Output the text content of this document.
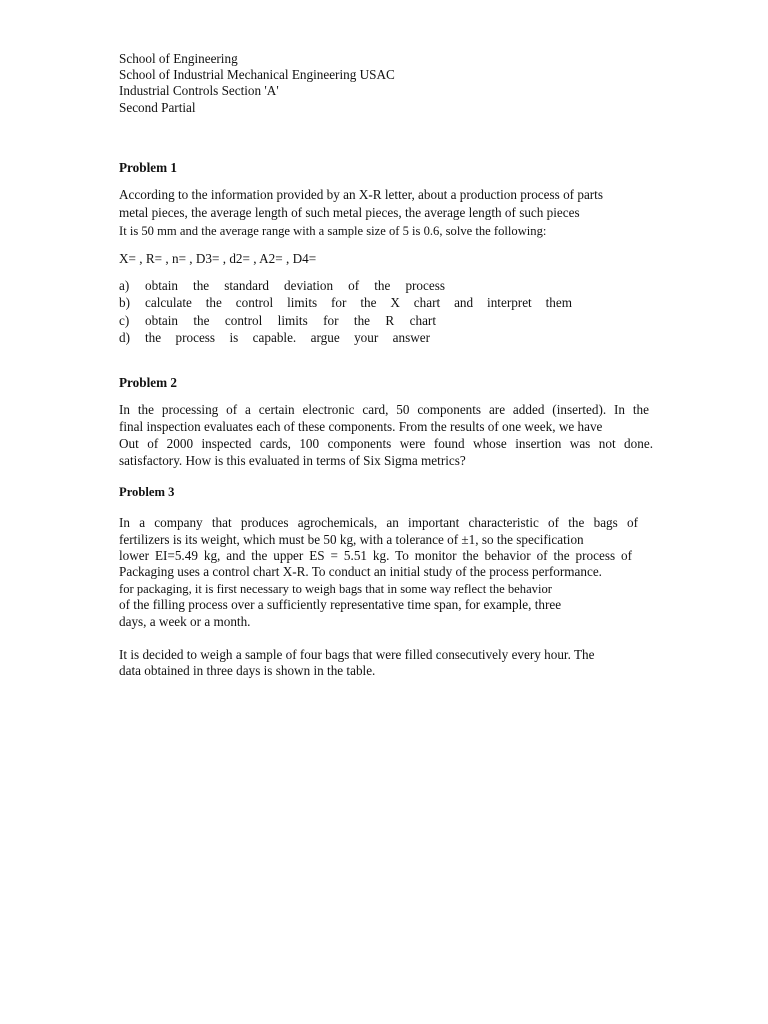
School of Engineering
School of Industrial Mechanical Engineering USAC
Industrial Controls Section 'A'
Second Partial
Problem 1
According to the information provided by an X-R letter, about a production process of parts
metal pieces, the average length of such metal pieces, the average length of such pieces
It is 50 mm and the average range with a sample size of 5 is 0.6, solve the following:
X= , R= , n= , D3= , d2= , A2= , D4=
a) obtain the standard deviation of the process
b) calculate the control limits for the X chart and interpret them
c) obtain the control limits for the R chart
d) the process is capable. argue your answer
Problem 2
In the processing of a certain electronic card, 50 components are added (inserted). In the
final inspection evaluates each of these components. From the results of one week, we have
Out of 2000 inspected cards, 100 components were found whose insertion was not done.
satisfactory. How is this evaluated in terms of Six Sigma metrics?
Problem 3
In a company that produces agrochemicals, an important characteristic of the bags of
fertilizers is its weight, which must be 50 kg, with a tolerance of ±1, so the specification
lower EI=5.49 kg, and the upper ES = 5.51 kg. To monitor the behavior of the process of
Packaging uses a control chart X-R. To conduct an initial study of the process performance.
for packaging, it is first necessary to weigh bags that in some way reflect the behavior
of the filling process over a sufficiently representative time span, for example, three
days, a week or a month.
It is decided to weigh a sample of four bags that were filled consecutively every hour. The
data obtained in three days is shown in the table.
